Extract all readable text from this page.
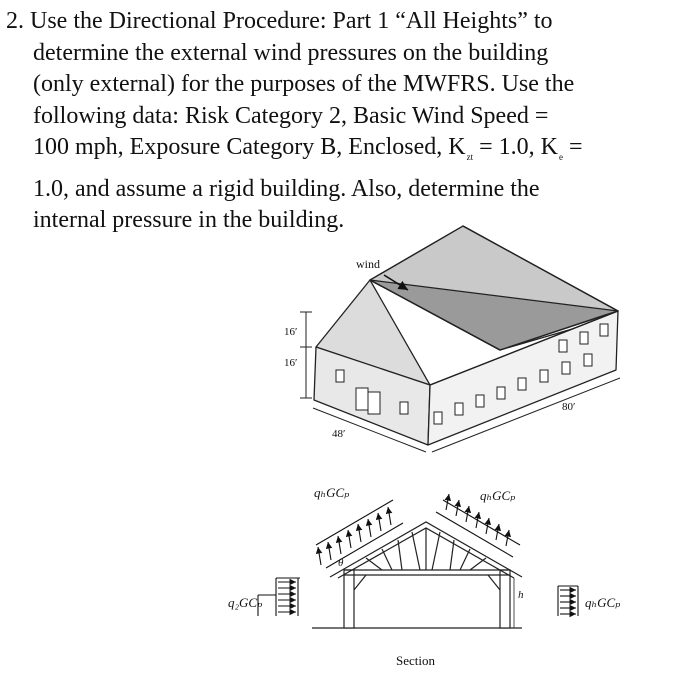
2. Use the Directional Procedure: Part 1 “All Heights” to
determine the external wind pressures on the building
(only external) for the purposes of the MWFRS. Use the
following data: Risk Category 2, Basic Wind Speed =
100 mph, Exposure Category B, Enclosed, $K_{zt} = 1.0$, $K_e$ =
1.0, and assume a rigid building. Also, determine the
internal pressure in the building.
wind
16′
16′
48′
80′
θ
h
Section
qₕGCₚ	qₕGCₚ
q₂GCₚ	qₕGCₚ
